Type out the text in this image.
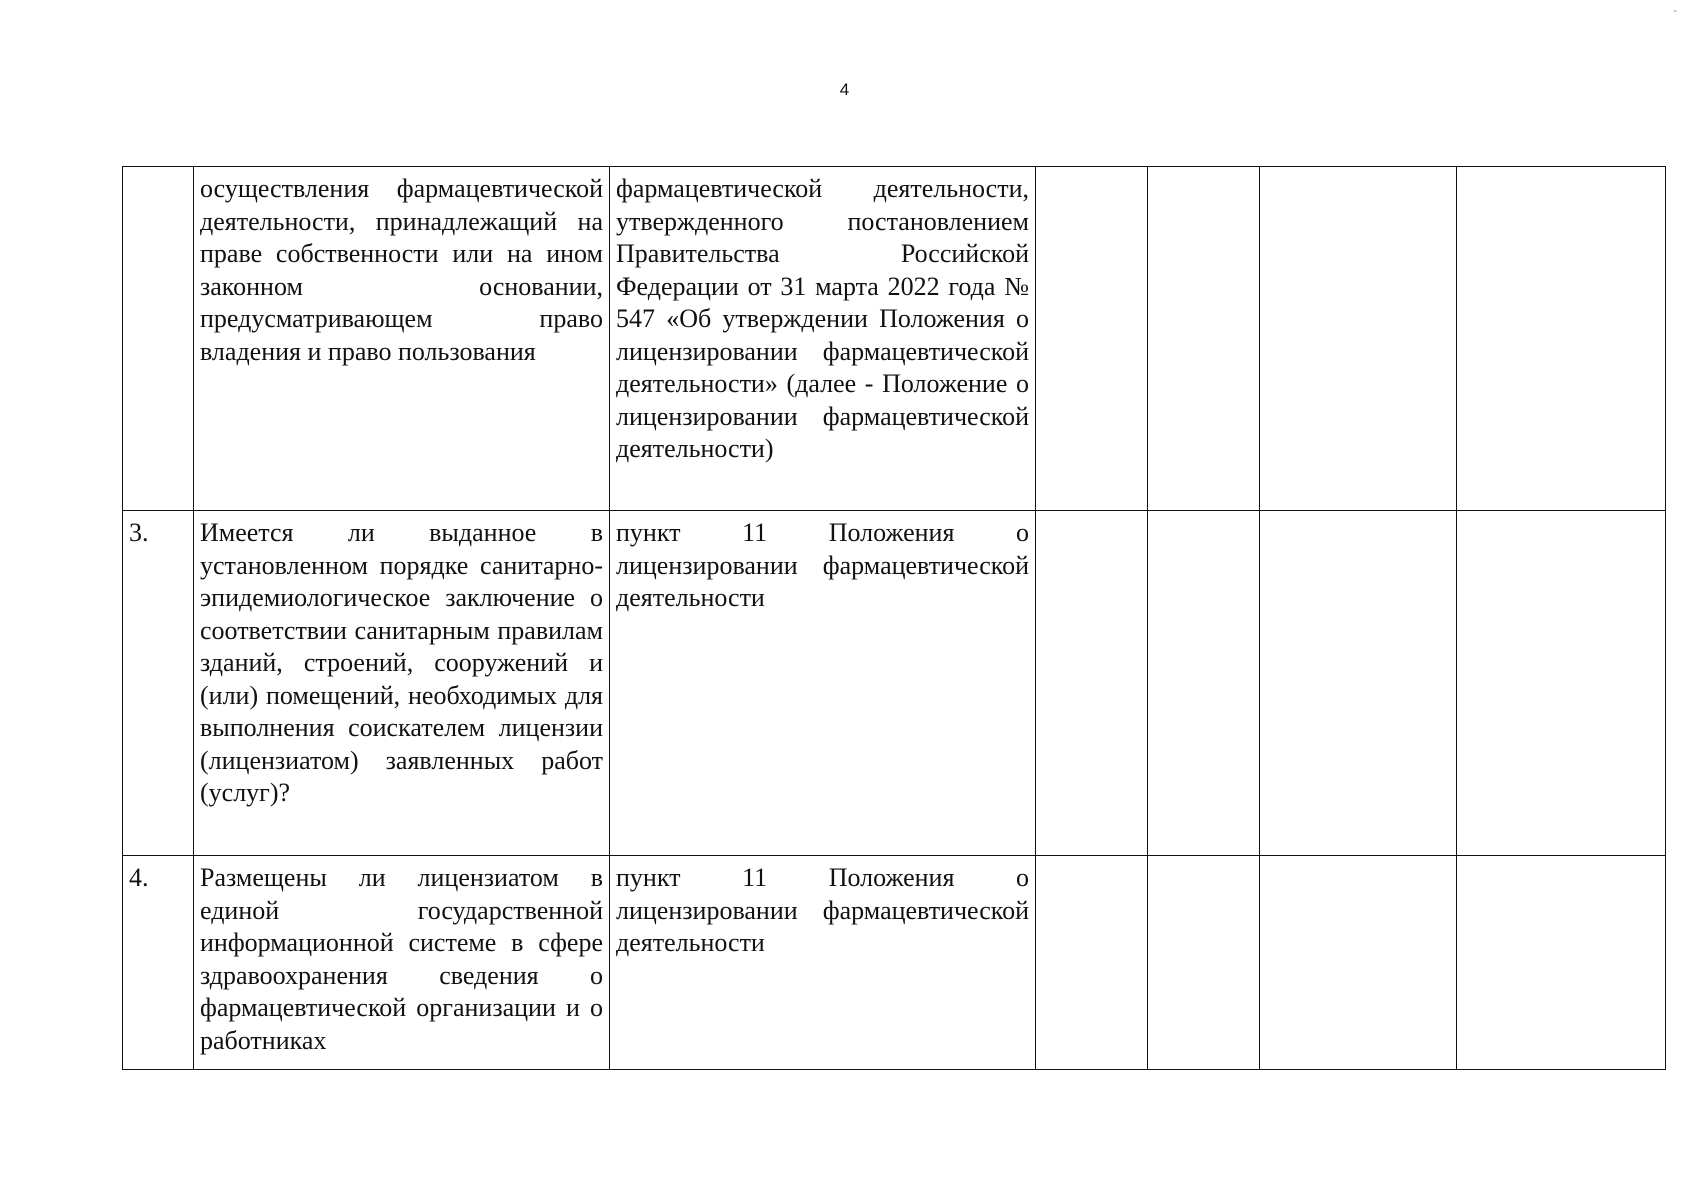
-
4
	осуществления фармацевтической деятельности, принадлежащий на праве собственности или на ином законном основании, предусматривающем право владения и право пользования	фармацевтической деятельности, утвержденного постановлением Правительства Российской Федерации от 31 марта 2022 года № 547 «Об утверждении Положения о лицензировании фармацевтической деятельности» (далее - Положение о лицензировании фармацевтической деятельности)				
3.	Имеется ли выданное в установленном порядке санитарно-эпидемиологическое заключение о соответствии санитарным правилам зданий, строений, сооружений и (или) помещений, необходимых для выполнения соискателем лицензии (лицензиатом) заявленных работ (услуг)?	пункт 11 Положения о лицензировании фармацевтической деятельности				
4.	Размещены ли лицензиатом в единой государственной информационной системе в сфере здравоохранения сведения о фармацевтической организации и о работниках	пункт 11 Положения о лицензировании фармацевтической деятельности				
